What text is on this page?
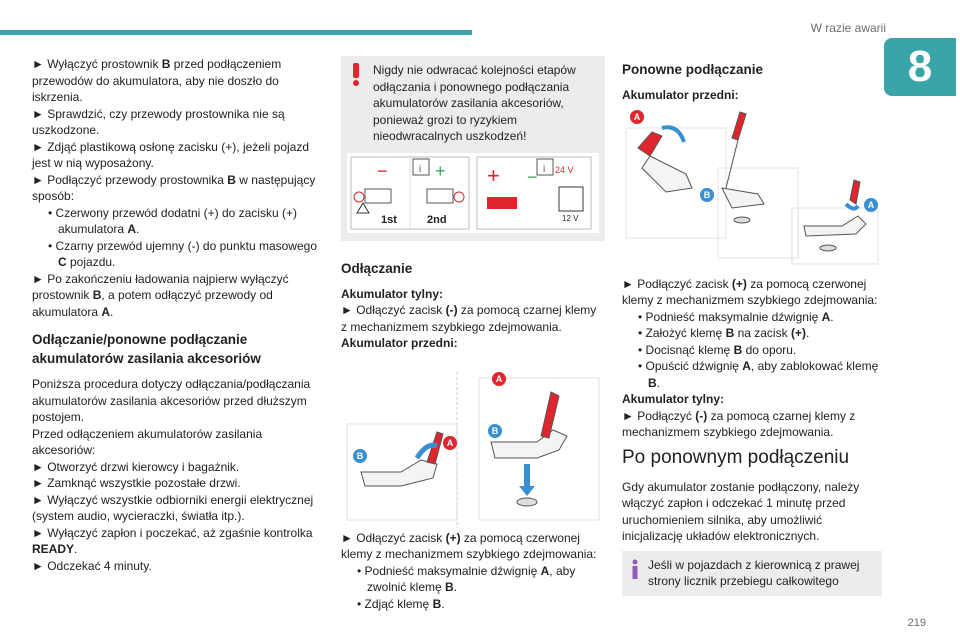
W razie awarii
8

► Wyłączyć prostownik B przed podłączeniem przewodów do akumulatora, aby nie doszło do iskrzenia.

► Sprawdzić, czy przewody prostownika nie są uszkodzone.

► Zdjąć plastikową osłonę zacisku (+), jeżeli pojazd jest w nią wyposażony.

► Podłączyć przewody prostownika B w następujący sposób:

• Czerwony przewód dodatni (+) do zacisku (+) akumulatora A.

• Czarny przewód ujemny (-) do punktu masowego C pojazdu.

► Po zakończeniu ładowania najpierw wyłączyć prostownik B, a potem odłączyć przewody od akumulatora A.

Odłączanie/ponowne podłączanie akumulatorów zasilania akcesoriów

Poniższa procedura dotyczy odłączania/podłączania akumulatorów zasilania akcesoriów przed dłuższym postojem.

Przed odłączeniem akumulatorów zasilania akcesoriów:

► Otworzyć drzwi kierowcy i bagażnik.

► Zamknąć wszystkie pozostałe drzwi.

► Wyłączyć wszystkie odbiorniki energii elektrycznej (system audio, wycieraczki, światła itp.).

► Wyłączyć zapłon i poczekać, aż zgaśnie kontrolka READY.

► Odczekać 4 minuty.

Nigdy nie odwracać kolejności etapów odłączania i ponownego podłączania akumulatorów zasilania akcesoriów, ponieważ grozi to ryzykiem nieodwracalnych uszkodzeń!

−	+
i
1st	2nd
+ − i 24 V
12 V
Odłączanie

Akumulator tylny:

► Odłączyć zacisk (-) za pomocą czarnej klemy z mechanizmem szybkiego zdejmowania.

Akumulator przedni:

A
B
B
A

► Odłączyć zacisk (+) za pomocą czerwonej klemy z mechanizmem szybkiego zdejmowania:

• Podnieść maksymalnie dźwignię A, aby zwolnić klemę B.

• Zdjąć klemę B.

Ponowne podłączanie

Akumulator przedni:

A
B
A

► Podłączyć zacisk (+) za pomocą czerwonej klemy z mechanizmem szybkiego zdejmowania:

• Podnieść maksymalnie dźwignię A.

• Założyć klemę B na zacisk (+).

• Docisnąć klemę B do oporu.

• Opuścić dźwignię A, aby zablokować klemę B.

Akumulator tylny:

► Podłączyć (-) za pomocą czarnej klemy z mechanizmem szybkiego zdejmowania.

Po ponownym podłączeniu

Gdy akumulator zostanie podłączony, należy włączyć zapłon i odczekać 1 minutę przed uruchomieniem silnika, aby umożliwić inicjalizację układów elektronicznych.

Jeśli w pojazdach z kierownicą z prawej strony licznik przebiegu całkowitego

219
